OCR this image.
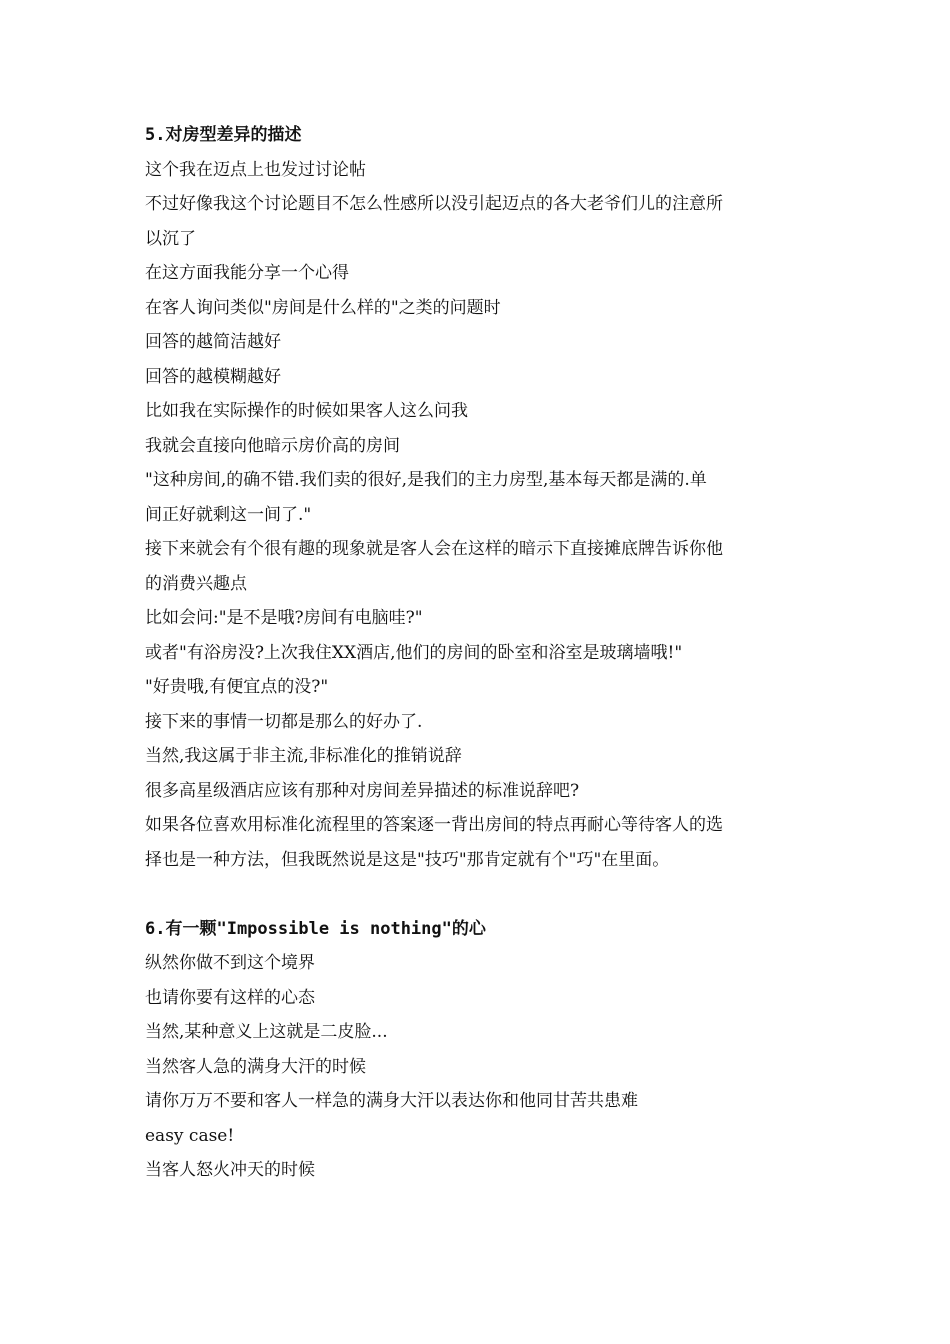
5.对房型差异的描述

这个我在迈点上也发过讨论帖

不过好像我这个讨论题目不怎么性感所以没引起迈点的各大老爷们儿的注意所

以沉了

在这方面我能分享一个心得

在客人询问类似"房间是什么样的"之类的问题时

回答的越简洁越好

回答的越模糊越好

比如我在实际操作的时候如果客人这么问我

我就会直接向他暗示房价高的房间

"这种房间,的确不错.我们卖的很好,是我们的主力房型,基本每天都是满的.单

间正好就剩这一间了."

接下来就会有个很有趣的现象就是客人会在这样的暗示下直接摊底牌告诉你他

的消费兴趣点

比如会问:"是不是哦?房间有电脑哇?"

或者"有浴房没?上次我住XX酒店,他们的房间的卧室和浴室是玻璃墙哦!"

"好贵哦,有便宜点的没?"

接下来的事情一切都是那么的好办了.

当然,我这属于非主流,非标准化的推销说辞

很多高星级酒店应该有那种对房间差异描述的标准说辞吧?

如果各位喜欢用标准化流程里的答案逐一背出房间的特点再耐心等待客人的选

择也是一种方法，但我既然说是这是"技巧"那肯定就有个"巧"在里面。

6.有一颗"Impossible is nothing"的心

纵然你做不到这个境界

也请你要有这样的心态

当然,某种意义上这就是二皮脸...

当然客人急的满身大汗的时候

请你万万不要和客人一样急的满身大汗以表达你和他同甘苦共患难

easy case!

当客人怒火冲天的时候
